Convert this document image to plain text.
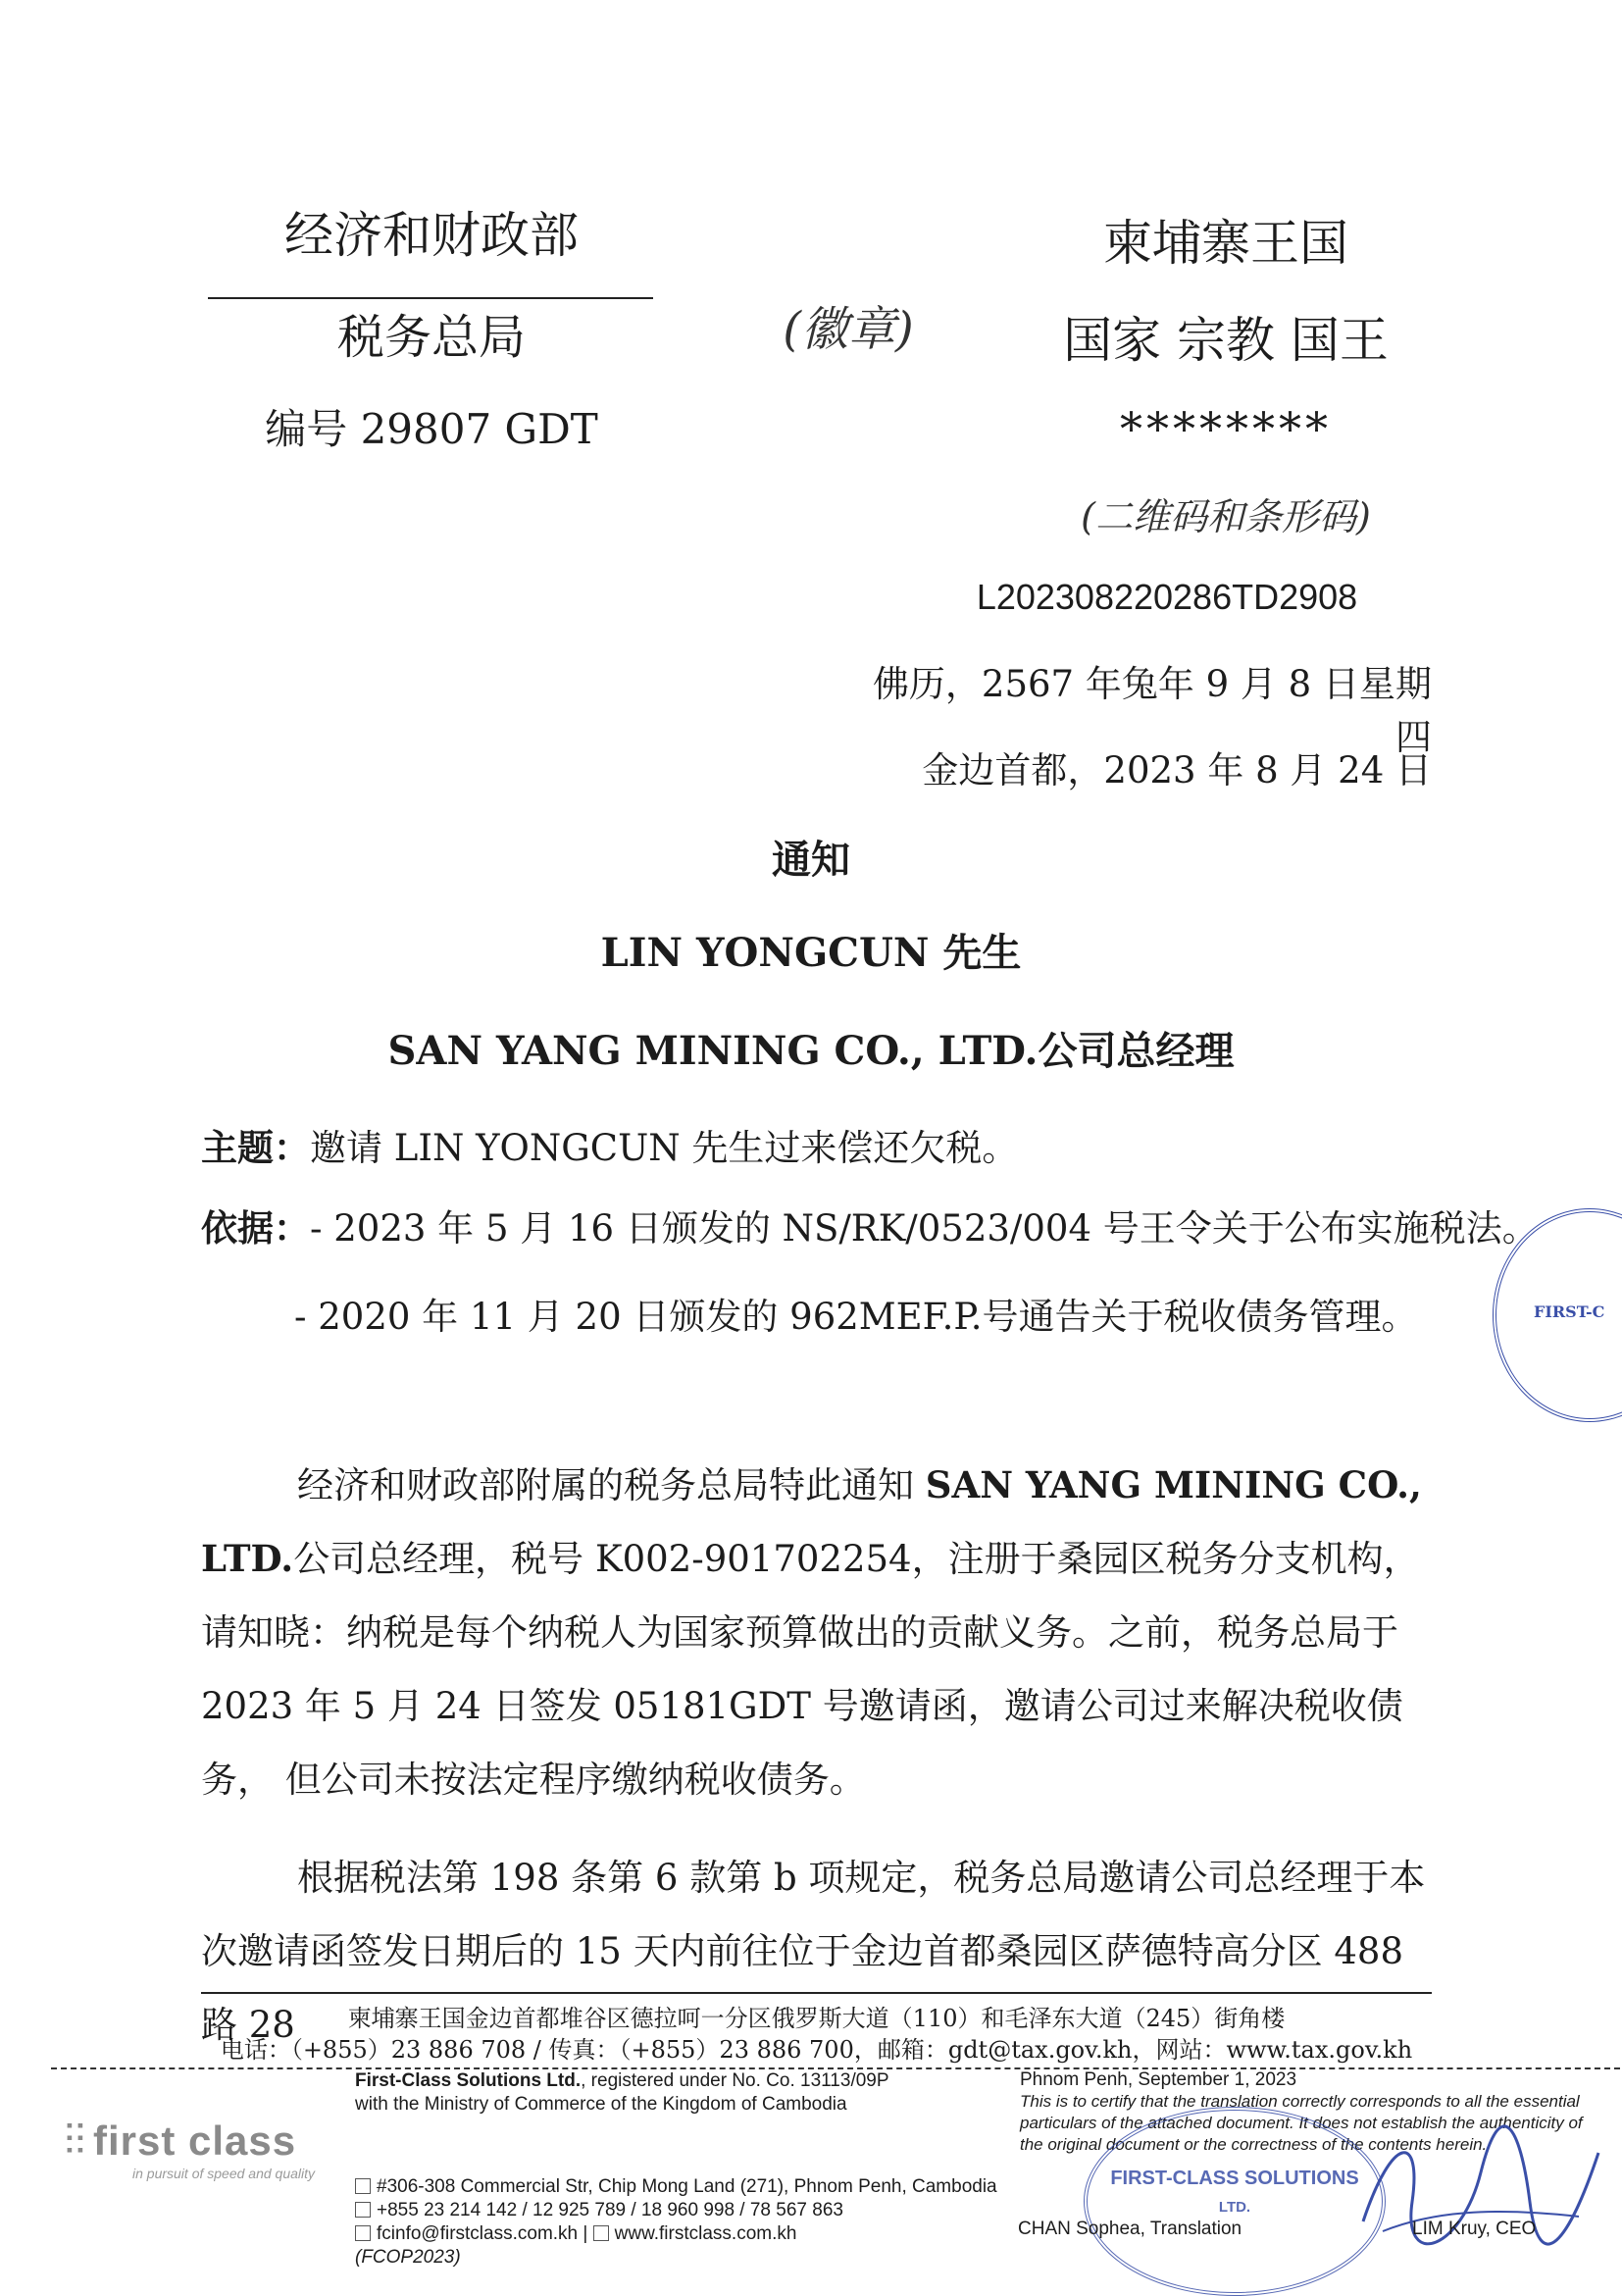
经济和财政部
税务总局
编号 29807 GDT
(徽章)
柬埔寨王国
国家 宗教 国王
********
(二维码和条形码)
L202308220286TD2908
佛历，2567 年兔年 9 月 8 日星期四
金边首都，2023 年 8 月 24 日
通知
LIN YONGCUN 先生
SAN YANG MINING CO., LTD.公司总经理
主题：邀请 LIN YONGCUN 先生过来偿还欠税。
依据：- 2023 年 5 月 16 日颁发的 NS/RK/0523/004 号王令关于公布实施税法。
- 2020 年 11 月 20 日颁发的 962MEF.P.号通告关于税收债务管理。

经济和财政部附属的税务总局特此通知 SAN YANG MINING CO., LTD.公司总经理，税号 K002-901702254，注册于桑园区税务分支机构，请知晓：纳税是每个纳税人为国家预算做出的贡献义务。之前，税务总局于 2023 年 5 月 24 日签发 05181GDT 号邀请函，邀请公司过来解决税收债务， 但公司未按法定程序缴纳税收债务。

根据税法第 198 条第 6 款第 b 项规定，税务总局邀请公司总经理于本次邀请函签发日期后的 15 天内前往位于金边首都桑园区萨德特高分区 488 路 28

FIRST-C
柬埔寨王国金边首都堆谷区德拉呵一分区俄罗斯大道（110）和毛泽东大道（245）街角楼
电话：（+855）23 886 708 / 传真：（+855）23 886 700，邮箱：gdt@tax.gov.kh，网站：www.tax.gov.kh
⫶⫶ first class
in pursuit of speed and quality
First-Class Solutions Ltd., registered under No. Co. 13113/09P
with the Ministry of Commerce of the Kingdom of Cambodia
#306-308 Commercial Str, Chip Mong Land (271), Phnom Penh, Cambodia
+855 23 214 142 / 12 925 789 / 18 960 998 / 78 567 863
fcinfo@firstclass.com.kh | www.firstclass.com.kh
(FCOP2023)
Phnom Penh, September 1, 2023
This is to certify that the translation correctly corresponds to all the essential particulars of the attached document. It does not establish the authenticity of the original document or the correctness of the contents herein.
FIRST-CLASS SOLUTIONS
LTD.
CHAN Sophea, Translation	LIM Kruy, CEO
